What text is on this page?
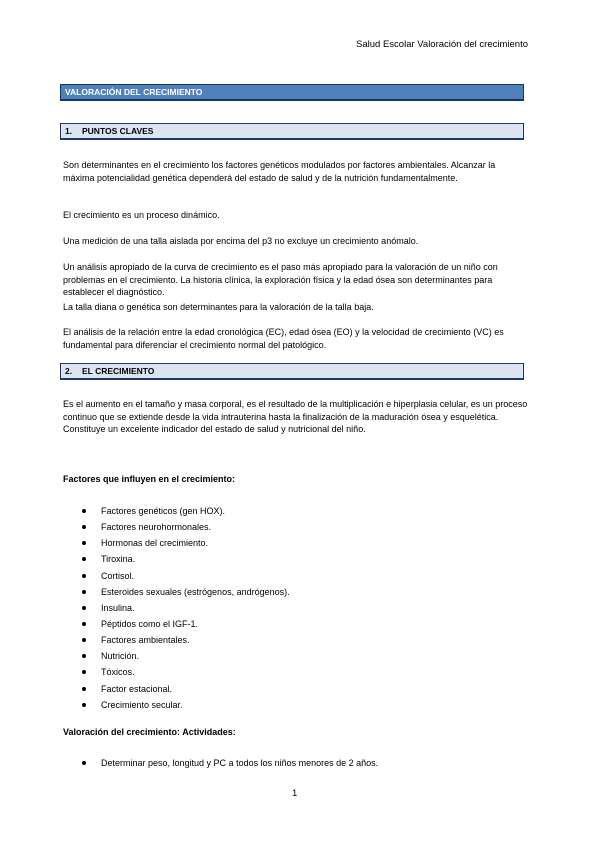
Salud Escolar Valoración del crecimiento
VALORACIÓN DEL CRECIMIENTO
1. PUNTOS CLAVES

Son determinantes en el crecimiento los factores genéticos modulados por factores ambientales. Alcanzar la máxima potencialidad genética dependerá del estado de salud y de la nutrición fundamentalmente.

El crecimiento es un proceso dinámico.

Una medición de una talla aislada por encima del p3 no excluye un crecimiento anómalo.

Un análisis apropiado de la curva de crecimiento es el paso más apropiado para la valoración de un niño con problemas en el crecimiento. La historia clínica, la exploración física y la edad ósea son determinantes para establecer el diagnóstico.

La talla diana o genética son determinantes para la valoración de la talla baja.

El análisis de la relación entre la edad cronológica (EC), edad ósea (EO) y la velocidad de crecimiento (VC) es fundamental para diferenciar el crecimiento normal del patológico.

2. EL CRECIMIENTO

Es el aumento en el tamaño y masa corporal, es el resultado de la multiplicación e hiperplasia celular, es un proceso continuo que se extiende desde la vida intrauterina hasta la finalización de la maduración ósea y esquelética. Constituye un excelente indicador del estado de salud y nutricional del niño.

Factores que influyen en el crecimiento:

Factores genéticos (gen HOX).
Factores neurohormonales.
Hormonas del crecimiento.
Tiroxina.
Cortisol.
Esteroides sexuales (estrógenos, andrógenos).
Insulina.
Péptidos como el IGF-1.
Factores ambientales.
Nutrición.
Tóxicos.
Factor estacional.
Crecimiento secular.

Valoración del crecimiento: Actividades:

Determinar peso, longitud y PC a todos los niños menores de 2 años.
1
